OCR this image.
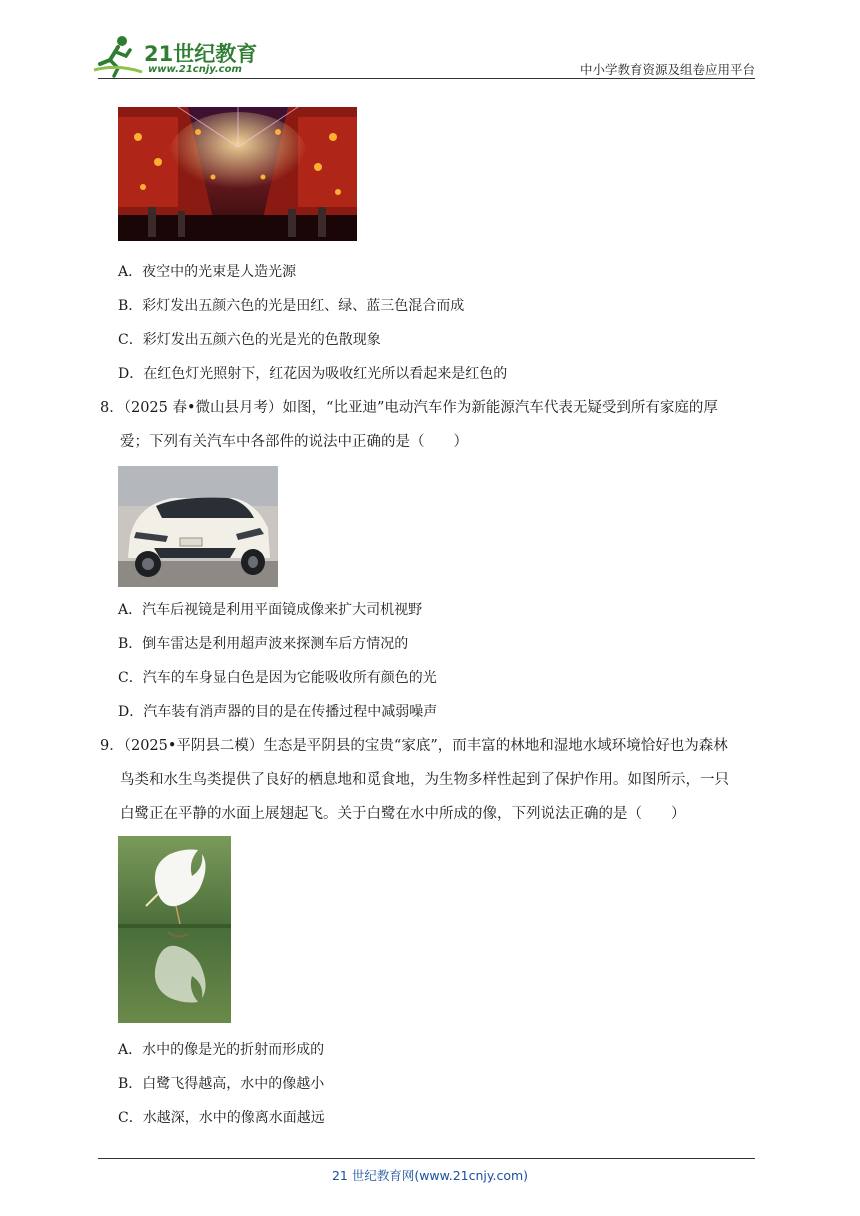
21世纪教育
www.21cnjy.com	中小学教育资源及组卷应用平台
A．夜空中的光束是人造光源
B．彩灯发出五颜六色的光是田红、绿、蓝三色混合而成
C．彩灯发出五颜六色的光是光的色散现象
D．在红色灯光照射下，红花因为吸收红光所以看起来是红色的
8．（2025 春•微山县月考）如图，“比亚迪”电动汽车作为新能源汽车代表无疑受到所有家庭的厚
爱；下列有关汽车中各部件的说法中正确的是（　　）
A．汽车后视镜是利用平面镜成像来扩大司机视野
B．倒车雷达是利用超声波来探测车后方情况的
C．汽车的车身显白色是因为它能吸收所有颜色的光
D．汽车装有消声器的目的是在传播过程中减弱噪声
9．（2025•平阴县二模）生态是平阴县的宝贵“家底”，而丰富的林地和湿地水域环境恰好也为森林
鸟类和水生鸟类提供了良好的栖息地和觅食地，为生物多样性起到了保护作用。如图所示，一只
白鹭正在平静的水面上展翅起飞。关于白鹭在水中所成的像，下列说法正确的是（　　）
A．水中的像是光的折射而形成的
B．白鹭飞得越高，水中的像越小
C．水越深，水中的像离水面越远
21 世纪教育网(www.21cnjy.com)
